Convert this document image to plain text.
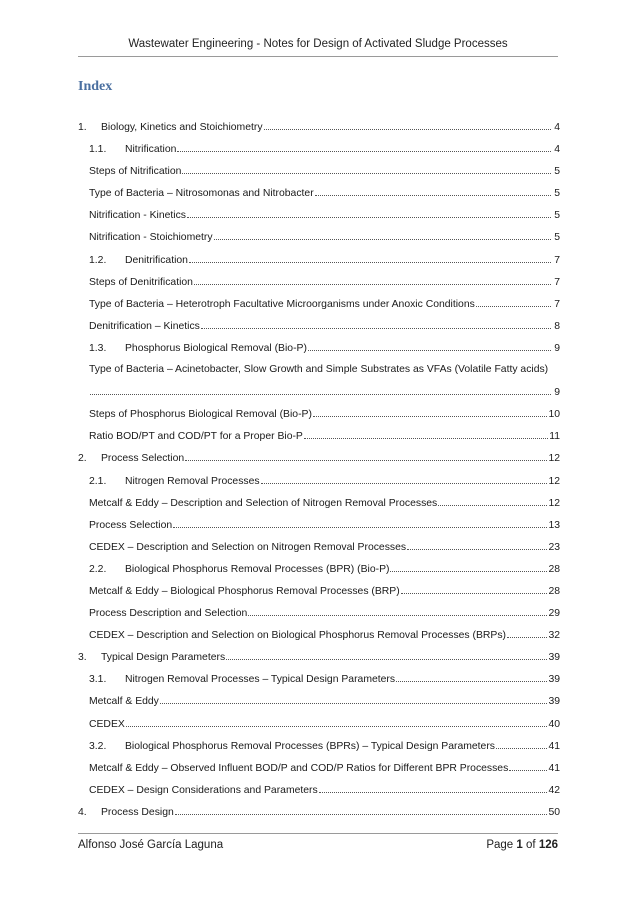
Wastewater Engineering - Notes for Design of Activated Sludge Processes
Index
1.	Biology, Kinetics and Stoichiometry	4
1.1.	Nitrification	4
Steps of Nitrification	5
Type of Bacteria – Nitrosomonas and Nitrobacter	5
Nitrification - Kinetics	5
Nitrification - Stoichiometry	5
1.2.	Denitrification	7
Steps of Denitrification	7
Type of Bacteria – Heterotroph Facultative Microorganisms under Anoxic Conditions	7
Denitrification – Kinetics	8
1.3.	Phosphorus Biological Removal (Bio-P)	9
Type of Bacteria – Acinetobacter, Slow Growth and Simple Substrates as VFAs (Volatile Fatty acids)
9
Steps of Phosphorus Biological Removal (Bio-P)	10
Ratio BOD/PT and COD/PT for a Proper Bio-P	11
2.	Process Selection	12
2.1.	Nitrogen Removal Processes	12
Metcalf & Eddy – Description and Selection of Nitrogen Removal Processes	12
Process Selection	13
CEDEX – Description and Selection on Nitrogen Removal Processes	23
2.2.	Biological Phosphorus Removal Processes (BPR) (Bio-P)	28
Metcalf & Eddy – Biological Phosphorus Removal Processes (BRP)	28
Process Description and Selection	29
CEDEX – Description and Selection on Biological Phosphorus Removal Processes (BRPs)	32
3.	Typical Design Parameters	39
3.1.	Nitrogen Removal Processes – Typical Design Parameters	39
Metcalf & Eddy	39
CEDEX	40
3.2.	Biological Phosphorus Removal Processes (BPRs) – Typical Design Parameters	41
Metcalf & Eddy – Observed Influent BOD/P and COD/P Ratios for Different BPR Processes	41
CEDEX – Design Considerations and Parameters	42
4.	Process Design	50
Alfonso José García Laguna	Page 1 of 126
